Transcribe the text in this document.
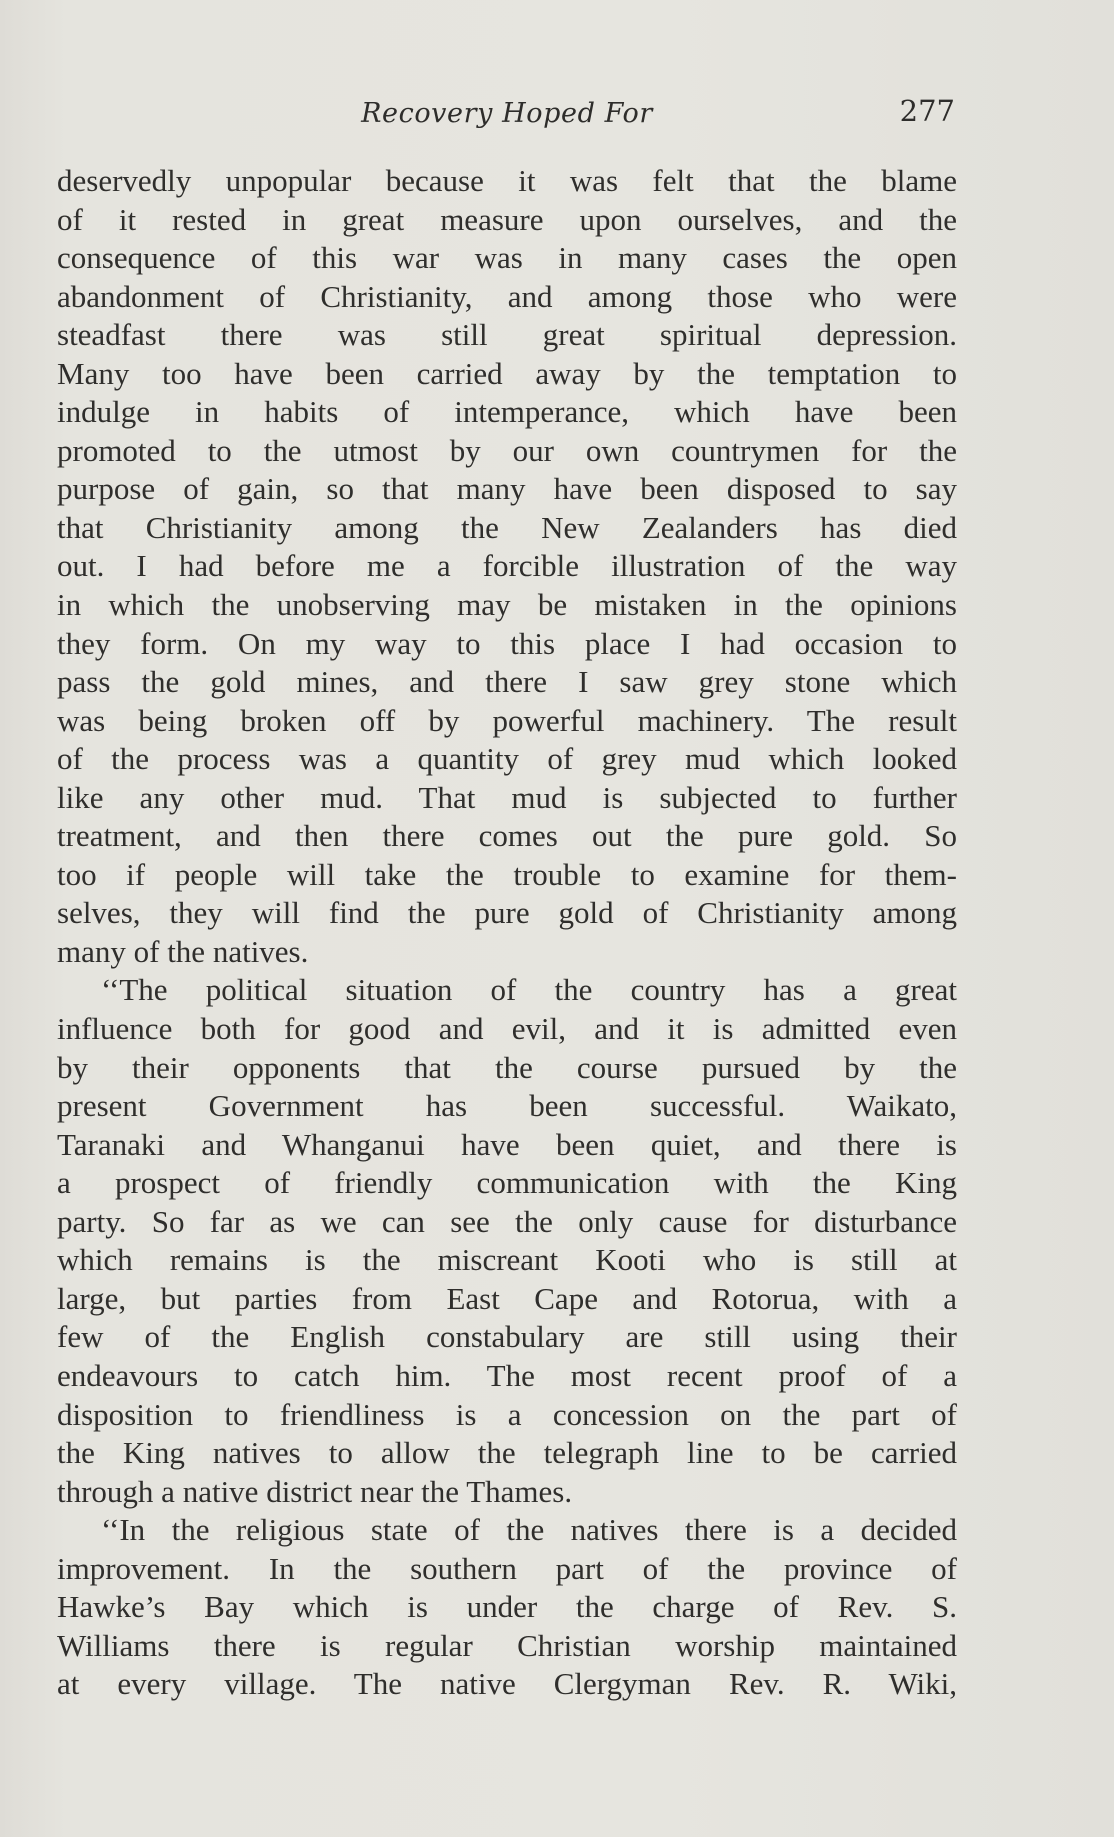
Recovery Hoped For	277
deservedly unpopular because it was felt that the blame
of it rested in great measure upon ourselves, and the
consequence of this war was in many cases the open
abandonment of Christianity, and among those who were
steadfast there was still great spiritual depression.
Many too have been carried away by the temptation to
indulge in habits of intemperance, which have been
promoted to the utmost by our own countrymen for the
purpose of gain, so that many have been disposed to say
that Christianity among the New Zealanders has died
out. I had before me a forcible illustration of the way
in which the unobserving may be mistaken in the opinions
they form. On my way to this place I had occasion to
pass the gold mines, and there I saw grey stone which
was being broken off by powerful machinery. The result
of the process was a quantity of grey mud which looked
like any other mud. That mud is subjected to further
treatment, and then there comes out the pure gold. So
too if people will take the trouble to examine for them-
selves, they will find the pure gold of Christianity among
many of the natives.
‘‘The political situation of the country has a great
influence both for good and evil, and it is admitted even
by their opponents that the course pursued by the
present Government has been successful. Waikato,
Taranaki and Whanganui have been quiet, and there is
a prospect of friendly communication with the King
party. So far as we can see the only cause for disturbance
which remains is the miscreant Kooti who is still at
large, but parties from East Cape and Rotorua, with a
few of the English constabulary are still using their
endeavours to catch him. The most recent proof of a
disposition to friendliness is a concession on the part of
the King natives to allow the telegraph line to be carried
through a native district near the Thames.
‘‘In the religious state of the natives there is a decided
improvement. In the southern part of the province of
Hawke’s Bay which is under the charge of Rev. S.
Williams there is regular Christian worship maintained
at every village. The native Clergyman Rev. R. Wiki,
